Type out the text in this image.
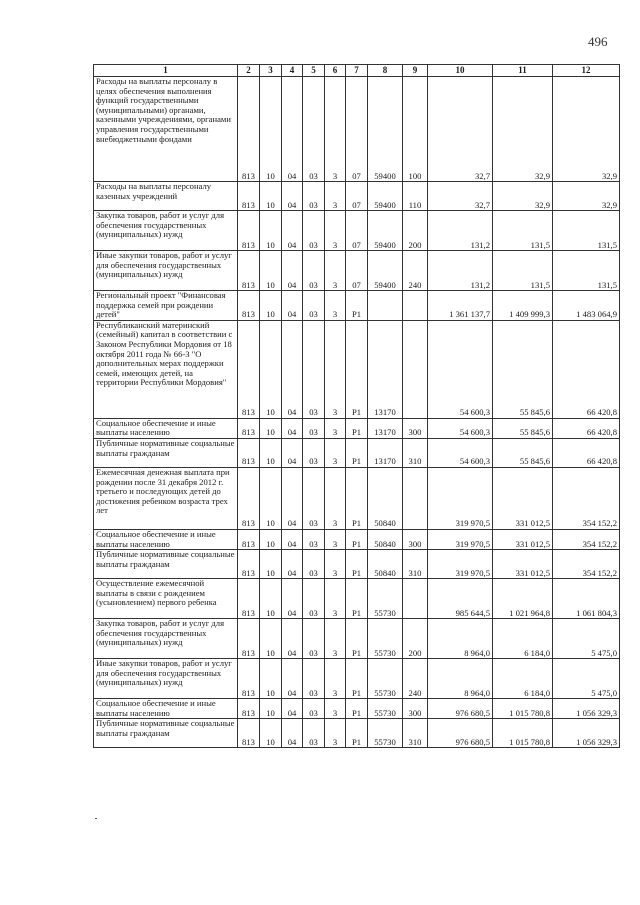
496
1	2	3	4	5	6	7	8	9	10	11	12
Расходы на выплаты персоналу в целях обеспечения выполнения функций государственными (муниципальными) органами, казенными учреждениями, органами управления государственными внебюджетными фондами	813	10	04	03	3	07	59400	100	32,7	32,9	32,9
Расходы на выплаты персоналу казенных учреждений	813	10	04	03	3	07	59400	110	32,7	32,9	32,9
Закупка товаров, работ и услуг для обеспечения государственных (муниципальных) нужд	813	10	04	03	3	07	59400	200	131,2	131,5	131,5
Иные закупки товаров, работ и услуг для обеспечения государственных (муниципальных) нужд	813	10	04	03	3	07	59400	240	131,2	131,5	131,5
Региональный проект "Финансовая поддержка семей при рождении детей"	813	10	04	03	3	P1			1 361 137,7	1 409 999,3	1 483 064,9
Республиканский материнский (семейный) капитал в соответствии с Законом Республики Мордовия от 18 октября 2011 года № 66-З "О дополнительных мерах поддержки семей, имеющих детей, на территории Республики Мордовия"	813	10	04	03	3	P1	13170		54 600,3	55 845,6	66 420,8
Социальное обеспечение и иные выплаты населению	813	10	04	03	3	P1	13170	300	54 600,3	55 845,6	66 420,8
Публичные нормативные социальные выплаты гражданам	813	10	04	03	3	P1	13170	310	54 600,3	55 845,6	66 420,8
Ежемесячная денежная выплата при рождении после 31 декабря 2012 г. третьего и последующих детей до достижения ребенком возраста трех лет	813	10	04	03	3	P1	50840		319 970,5	331 012,5	354 152,2
Социальное обеспечение и иные выплаты населению	813	10	04	03	3	P1	50840	300	319 970,5	331 012,5	354 152,2
Публичные нормативные социальные выплаты гражданам	813	10	04	03	3	P1	50840	310	319 970,5	331 012,5	354 152,2
Осуществление ежемесячной выплаты в связи с рождением (усыновлением) первого ребенка	813	10	04	03	3	P1	55730		985 644,5	1 021 964,8	1 061 804,3
Закупка товаров, работ и услуг для обеспечения государственных (муниципальных) нужд	813	10	04	03	3	P1	55730	200	8 964,0	6 184,0	5 475,0
Иные закупки товаров, работ и услуг для обеспечения государственных (муниципальных) нужд	813	10	04	03	3	P1	55730	240	8 964,0	6 184,0	5 475,0
Социальное обеспечение и иные выплаты населению	813	10	04	03	3	P1	55730	300	976 680,5	1 015 780,8	1 056 329,3
Публичные нормативные социальные выплаты гражданам	813	10	04	03	3	P1	55730	310	976 680,5	1 015 780,8	1 056 329,3
